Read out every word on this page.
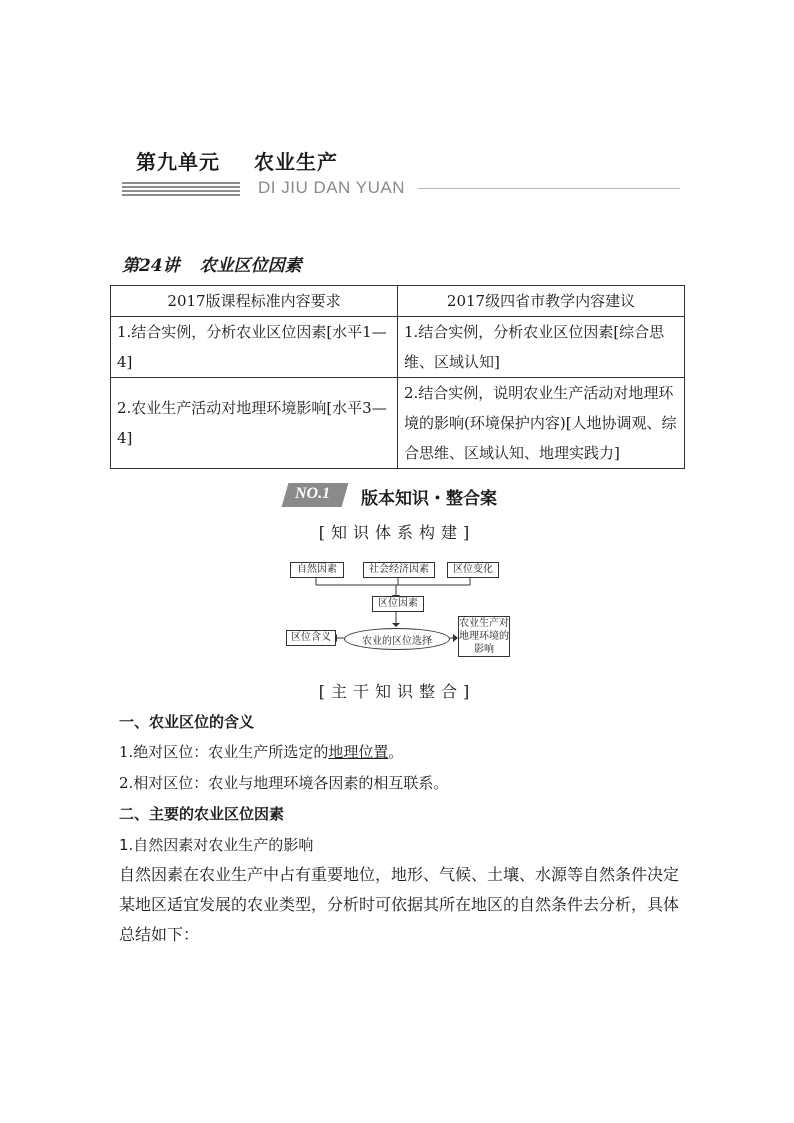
第九单元 农业生产
DI JIU DAN YUAN
第24讲 农业区位因素
2017版课程标准内容要求	2017级四省市教学内容建议
1.结合实例，分析农业区位因素[水平1—4]	1.结合实例，分析农业区位因素[综合思维、区域认知]
2.农业生产活动对地理环境影响[水平3—4]	2.结合实例，说明农业生产活动对地理环境的影响(环境保护内容)[人地协调观、综合思维、区域认知、地理实践力]
NO.1 版本知识・整合案
[知识体系构建]
自然因素	社会经济因素	区位变化
区位因素
农业的区位选择
区位含义
农业生产对地理环境的影响
[主干知识整合]
一、农业区位的含义
1.绝对区位：农业生产所选定的地理位置。
2.相对区位：农业与地理环境各因素的相互联系。
二、主要的农业区位因素
1.自然因素对农业生产的影响
自然因素在农业生产中占有重要地位，地形、气候、土壤、水源等自然条件决定某地区适宜发展的农业类型，分析时可依据其所在地区的自然条件去分析，具体总结如下：
